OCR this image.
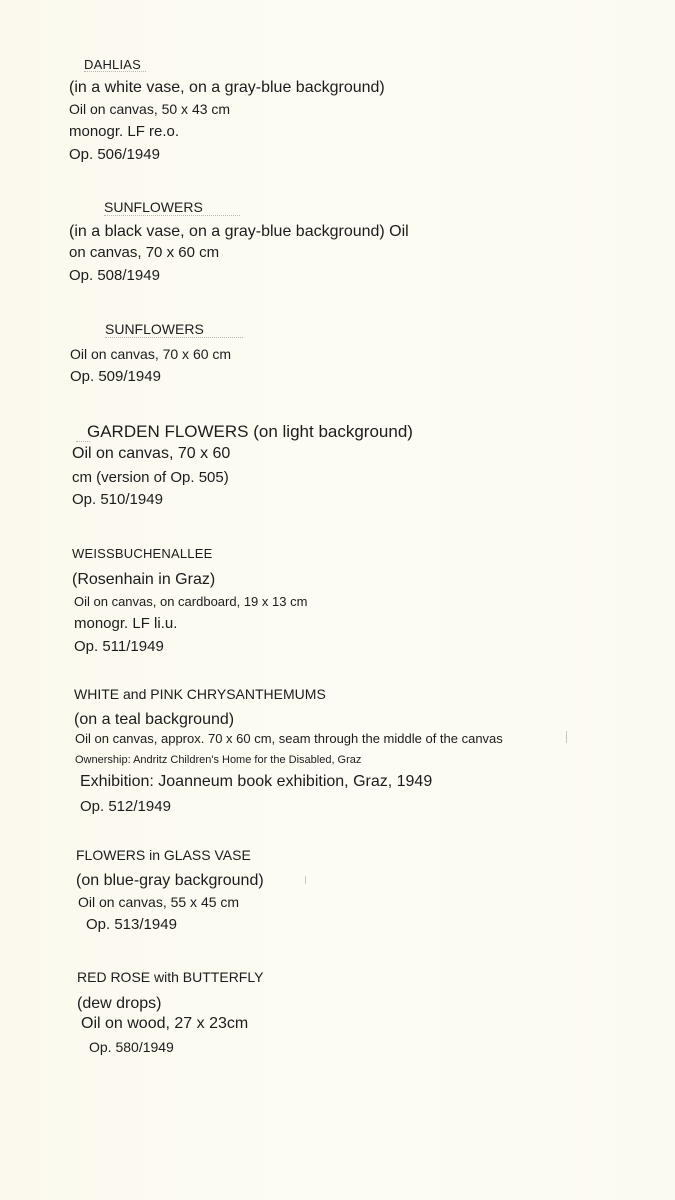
DAHLIAS
(in a white vase, on a gray-blue background)
Oil on canvas, 50 x 43 cm
monogr. LF re.o.
Op. 506/1949
SUNFLOWERS
(in a black vase, on a gray-blue background) Oil
on canvas, 70 x 60 cm
Op. 508/1949
SUNFLOWERS
Oil on canvas, 70 x 60 cm
Op. 509/1949
GARDEN FLOWERS (on light background)
Oil on canvas, 70 x 60
cm (version of Op. 505)
Op. 510/1949
WEISSBUCHENALLEE
(Rosenhain in Graz)
Oil on canvas, on cardboard, 19 x 13 cm
monogr. LF li.u.
Op. 511/1949
WHITE and PINK CHRYSANTHEMUMS
(on a teal background)
Oil on canvas, approx. 70 x 60 cm, seam through the middle of the canvas
Ownership: Andritz Children's Home for the Disabled, Graz
Exhibition: Joanneum book exhibition, Graz, 1949
Op. 512/1949
FLOWERS in GLASS VASE
(on blue-gray background)
Oil on canvas, 55 x 45 cm
Op. 513/1949
RED ROSE with BUTTERFLY
(dew drops)
Oil on wood, 27 x 23cm
Op. 580/1949
